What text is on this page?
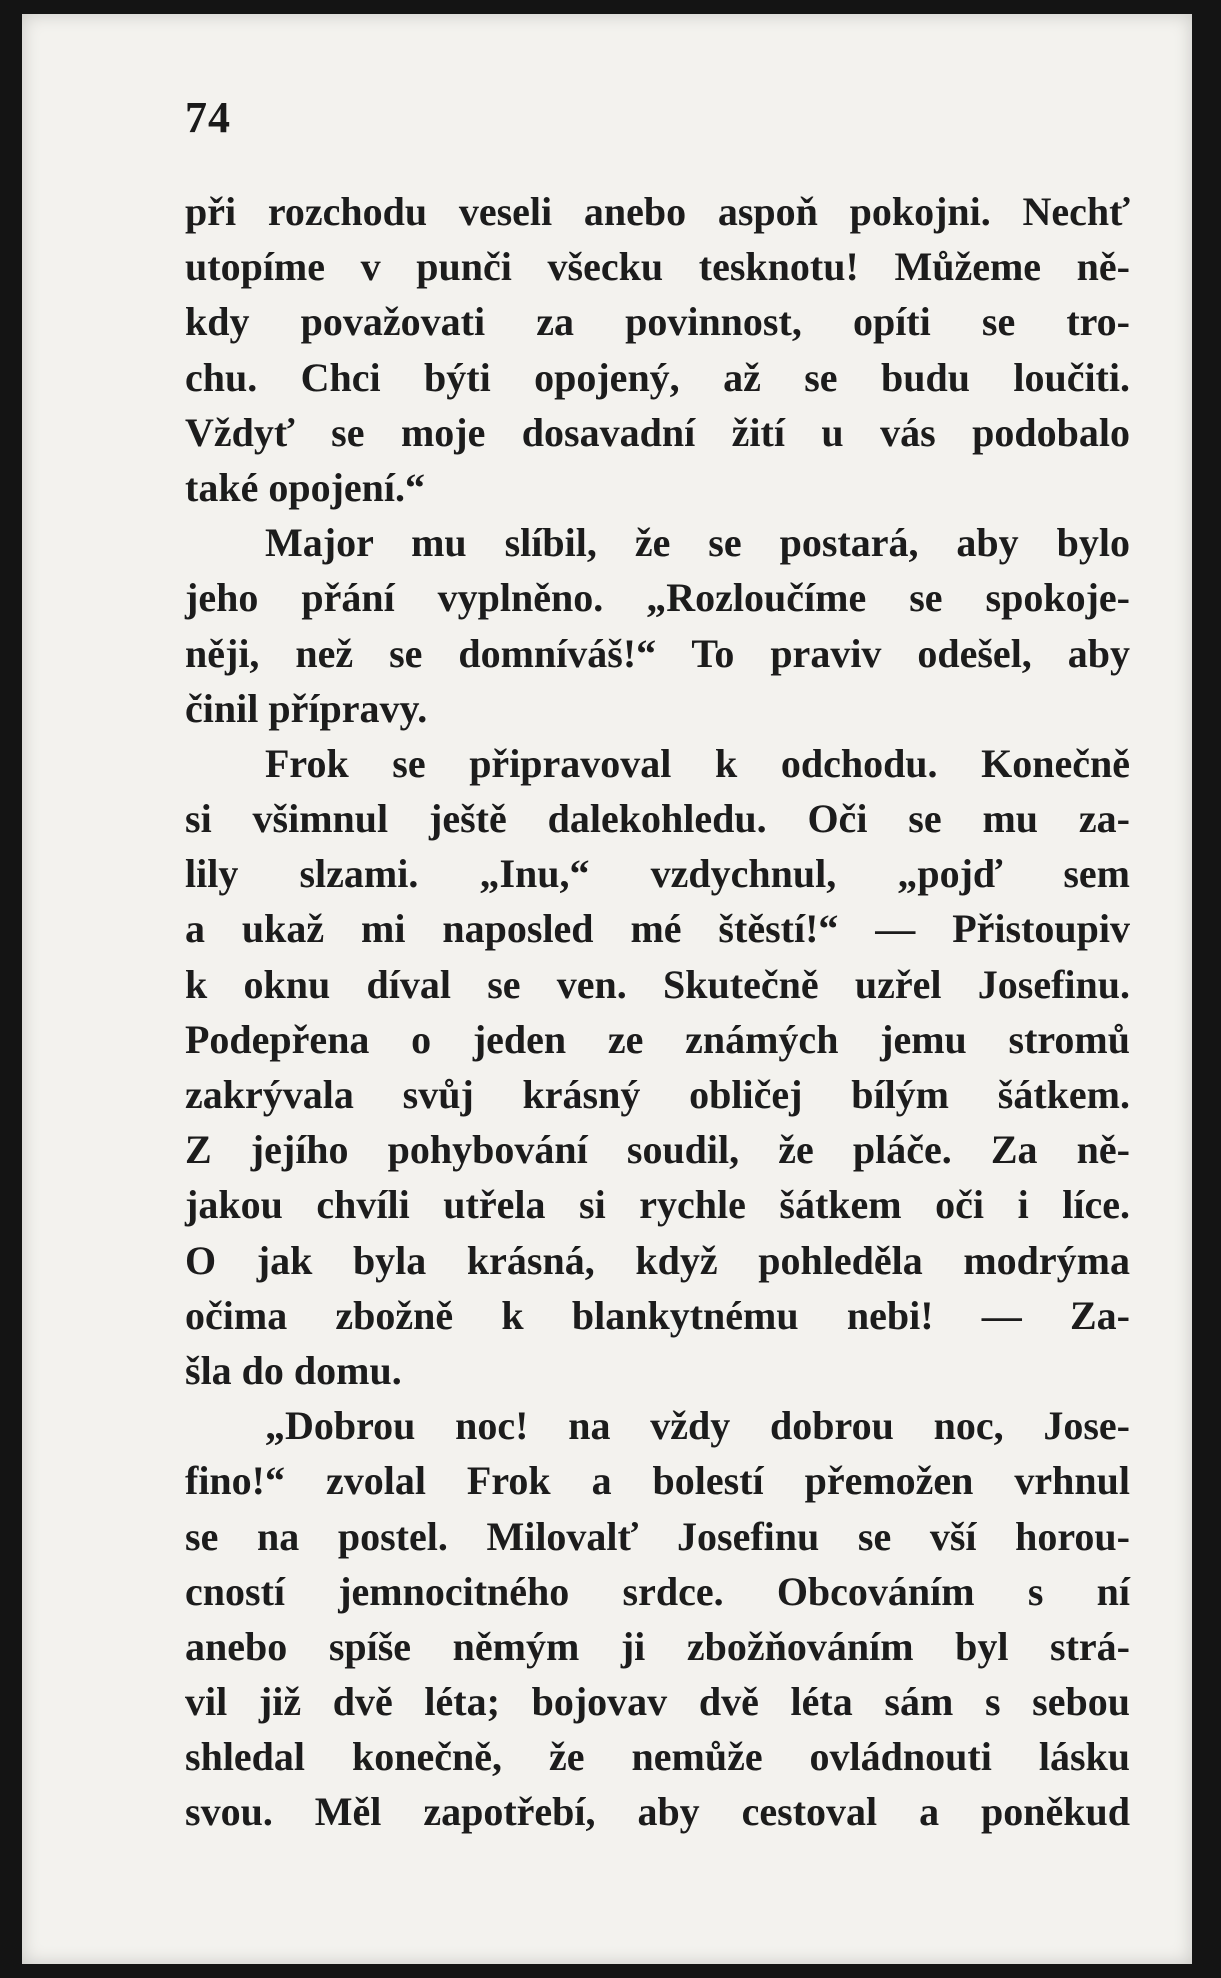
74
při rozchodu veseli anebo aspoň pokojni. Nechť
utopíme v punči všecku tesknotu! Můžeme ně-
kdy považovati za povinnost, opíti se tro-
chu. Chci býti opojený, až se budu loučiti.
Vždyť se moje dosavadní žití u vás podobalo
také opojení.“
Major mu slíbil, že se postará, aby bylo
jeho přání vyplněno. „Rozloučíme se spokoje-
něji, než se domníváš!“ To praviv odešel, aby
činil přípravy.
Frok se připravoval k odchodu. Konečně
si všimnul ještě dalekohledu. Oči se mu za-
lily slzami. „Inu,“ vzdychnul, „pojď sem
a ukaž mi naposled mé štěstí!“ — Přistoupiv
k oknu díval se ven. Skutečně uzřel Josefinu.
Podepřena o jeden ze známých jemu stromů
zakrývala svůj krásný obličej bílým šátkem.
Z jejího pohybování soudil, že pláče. Za ně-
jakou chvíli utřela si rychle šátkem oči i líce.
O jak byla krásná, když pohleděla modrýma
očima zbožně k blankytnému nebi! — Za-
šla do domu.
„Dobrou noc! na vždy dobrou noc, Jose-
fino!“ zvolal Frok a bolestí přemožen vrhnul
se na postel. Milovalť Josefinu se vší horou-
cností jemnocitného srdce. Obcováním s ní
anebo spíše němým ji zbožňováním byl strá-
vil již dvě léta; bojovav dvě léta sám s sebou
shledal konečně, že nemůže ovládnouti lásku
svou. Měl zapotřebí, aby cestoval a poněkud
